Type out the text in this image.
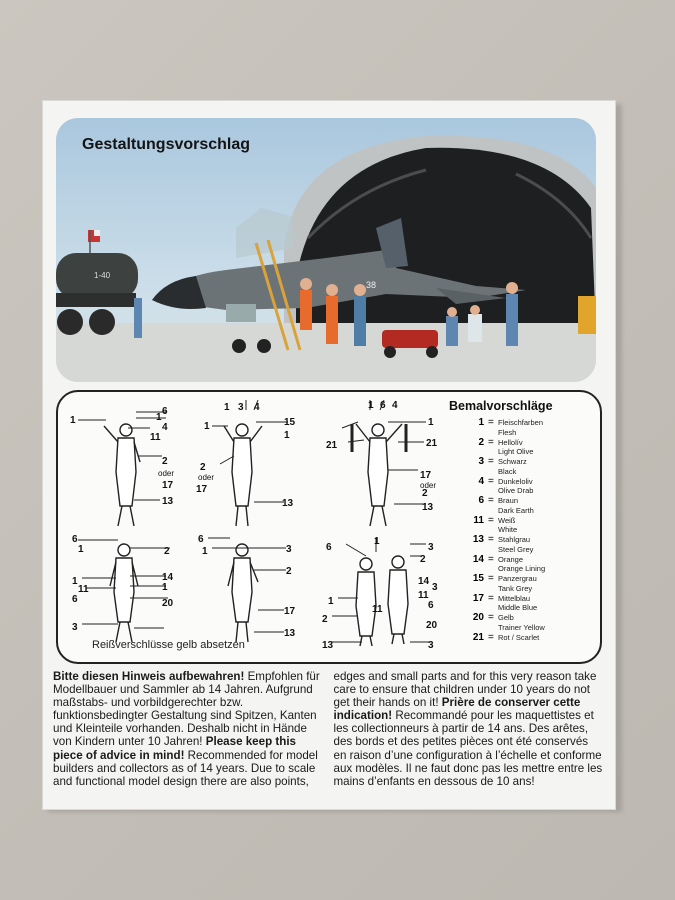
1-40
38
Gestaltungsvorschlag
1
6
1
4
11
2
17
13
1
1 3 4
15
1
2
17
13
1 6 4
1
21	21
17
2
13
6
1	2
14
1
1
11
6	20
3
6
1	3
2
17
13
6
1
3
2
14
3
11
6
20
1
2
13	3
11
oder	oder
oder
Bemalvorschläge
1 = Fleischfarben
Flesh
2 = Hellolív
Light Olive
3 = Schwarz
Black
4 = Dunkeloliv
Olive Drab
6 = Braun
Dark Earth
11 = Weiß
White
13 = Stahlgrau
Steel Grey
14 = Orange
Orange Lining
15 = Panzergrau
Tank Grey
17 = Mittelblau
Middle Blue
20 = Gelb
Trainer Yellow
21 = Rot / Scarlet
Reißverschlüsse gelb absetzen
Bitte diesen Hinweis aufbewahren! Empfohlen für Modellbauer und Sammler ab 14 Jahren. Aufgrund maßstabs- und vorbildgerechter bzw. funktionsbedingter Gestaltung sind Spitzen, Kanten und Kleinteile vorhanden. Deshalb nicht in Hände von Kindern unter 10 Jahren! Please keep this piece of advice in mind! Recommended for model builders and collectors as of 14 years. Due to scale and functional model design there are also points,
edges and small parts and for this very reason take care to ensure that children under 10 years do not get their hands on it! Prière de conserver cette indication! Recommandé pour les maquettistes et les collectionneurs à partir de 14 ans. Des arêtes, des bords et des petites pièces ont été conservés en raison d’une configuration à l’échelle et conforme aux modèles. Il ne faut donc pas les mettre entre les mains d’enfants en dessous de 10 ans!
